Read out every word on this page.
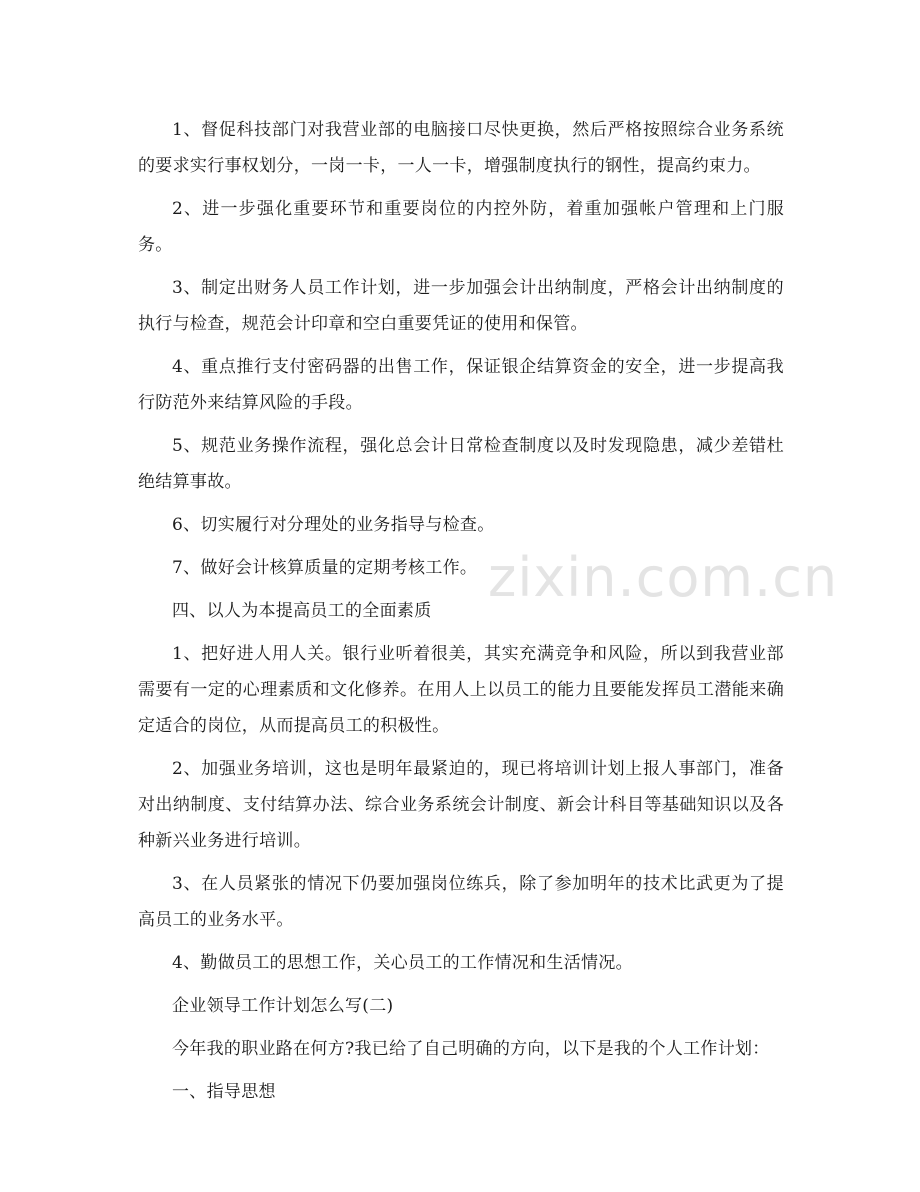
zixin.com.cn

1、督促科技部门对我营业部的电脑接口尽快更换，然后严格按照综合业务系统的要求实行事权划分，一岗一卡，一人一卡，增强制度执行的钢性，提高约束力。

2、进一步强化重要环节和重要岗位的内控外防，着重加强帐户管理和上门服务。

3、制定出财务人员工作计划，进一步加强会计出纳制度，严格会计出纳制度的执行与检查，规范会计印章和空白重要凭证的使用和保管。

4、重点推行支付密码器的出售工作，保证银企结算资金的安全，进一步提高我行防范外来结算风险的手段。

5、规范业务操作流程，强化总会计日常检查制度以及时发现隐患，减少差错杜绝结算事故。

6、切实履行对分理处的业务指导与检查。

7、做好会计核算质量的定期考核工作。

四、以人为本提高员工的全面素质

1、把好进人用人关。银行业听着很美，其实充满竞争和风险，所以到我营业部需要有一定的心理素质和文化修养。在用人上以员工的能力且要能发挥员工潜能来确定适合的岗位，从而提高员工的积极性。

2、加强业务培训，这也是明年最紧迫的，现已将培训计划上报人事部门，准备对出纳制度、支付结算办法、综合业务系统会计制度、新会计科目等基础知识以及各种新兴业务进行培训。

3、在人员紧张的情况下仍要加强岗位练兵，除了参加明年的技术比武更为了提高员工的业务水平。

4、勤做员工的思想工作，关心员工的工作情况和生活情况。

企业领导工作计划怎么写(二)

今年我的职业路在何方?我已给了自己明确的方向，以下是我的个人工作计划：

一、指导思想
